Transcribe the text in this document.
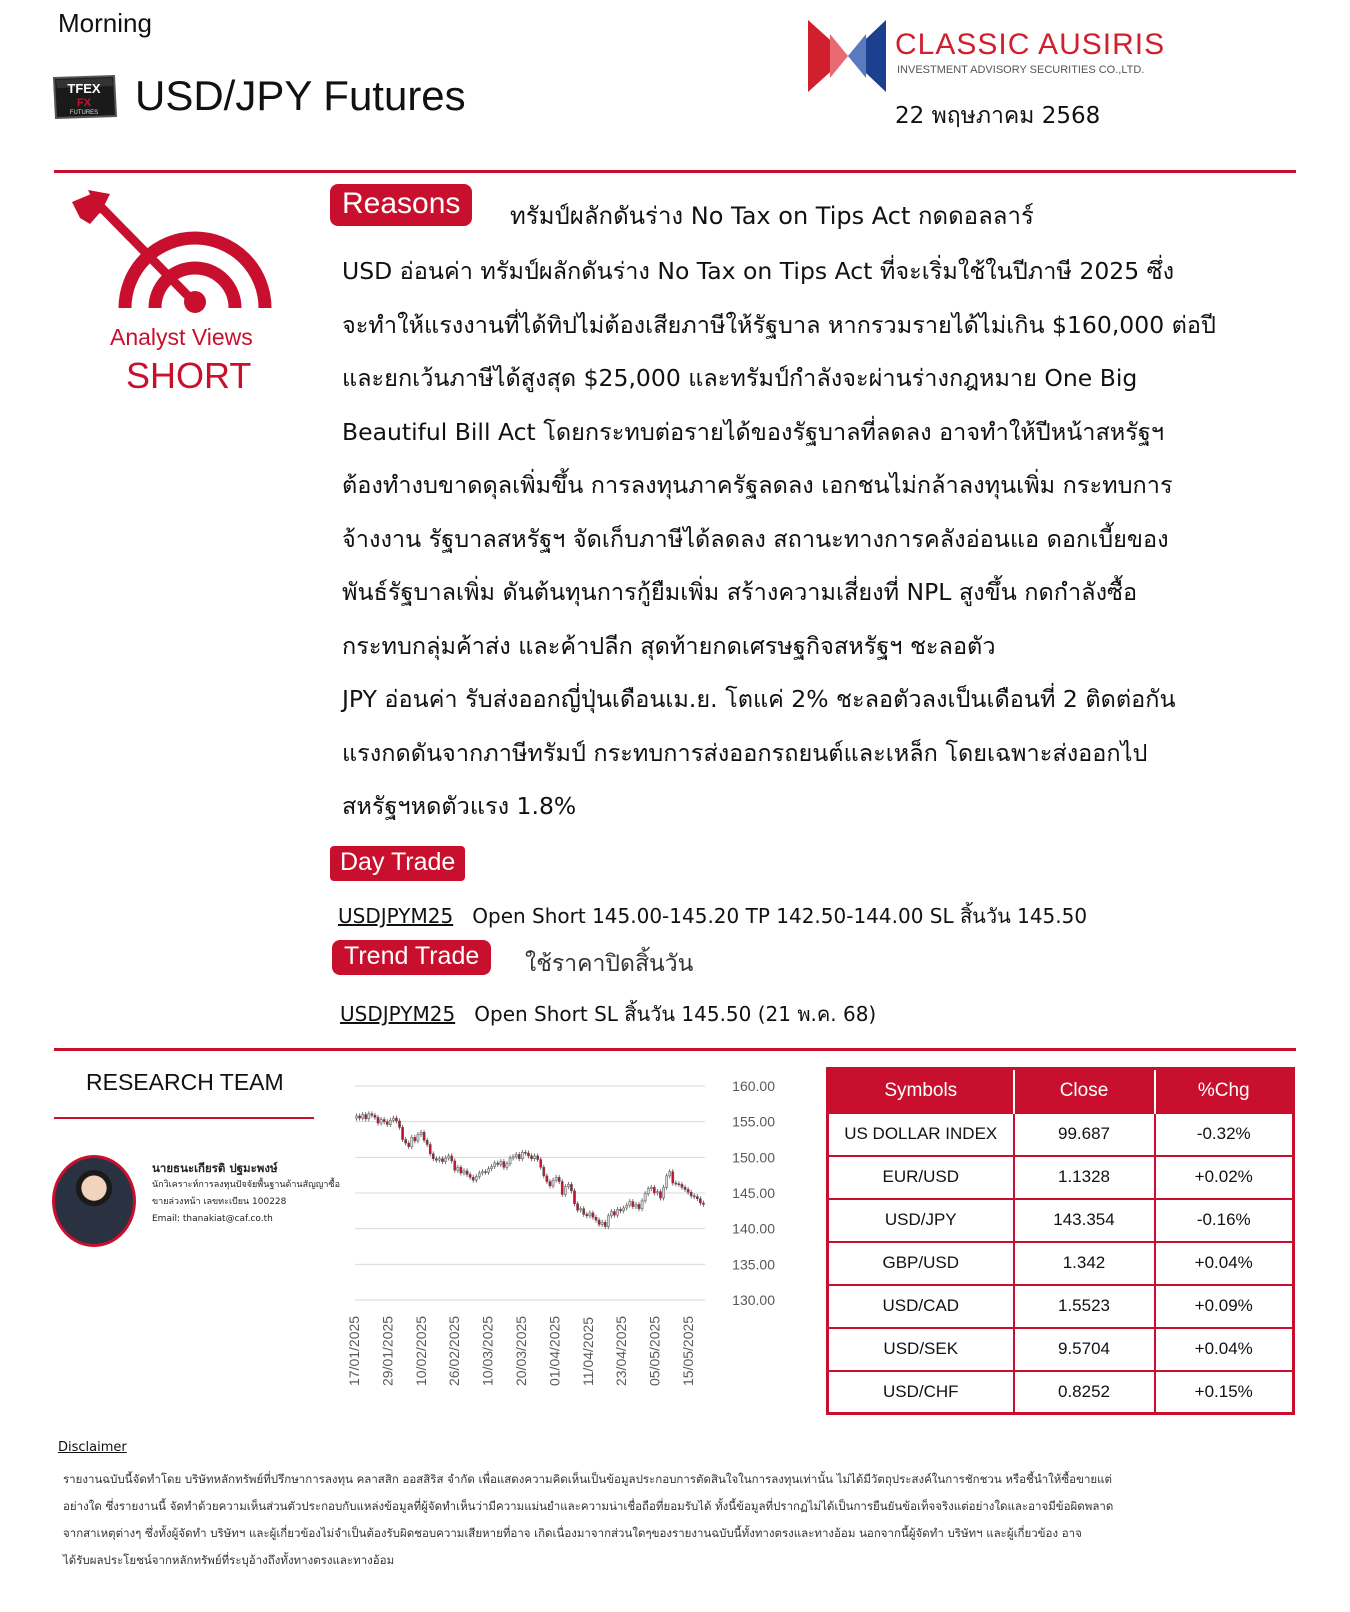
Morning
TFEX
FX
FUTURES USD/JPY Futures
CLASSIC AUSIRIS
INVESTMENT ADVISORY SECURITIES CO.,LTD.
22 พฤษภาคม 2568
Analyst Views
SHORT
Reasons	ทรัมป์ผลักดันร่าง No Tax on Tips Act กดดอลลาร์

USD อ่อนค่า ทรัมป์ผลักดันร่าง No Tax on Tips Act ที่จะเริ่มใช้ในปีภาษี 2025 ซึ่ง

จะทำให้แรงงานที่ได้ทิปไม่ต้องเสียภาษีให้รัฐบาล หากรวมรายได้ไม่เกิน $160,000 ต่อปี

และยกเว้นภาษีได้สูงสุด $25,000 และทรัมป์กำลังจะผ่านร่างกฎหมาย One Big

Beautiful Bill Act โดยกระทบต่อรายได้ของรัฐบาลที่ลดลง อาจทำให้ปีหน้าสหรัฐฯ

ต้องทำงบขาดดุลเพิ่มขึ้น การลงทุนภาครัฐลดลง เอกชนไม่กล้าลงทุนเพิ่ม กระทบการ

จ้างงาน รัฐบาลสหรัฐฯ จัดเก็บภาษีได้ลดลง สถานะทางการคลังอ่อนแอ ดอกเบี้ยของ

พันธ์รัฐบาลเพิ่ม ดันต้นทุนการกู้ยืมเพิ่ม สร้างความเสี่ยงที่ NPL สูงขึ้น กดกำลังซื้อ

กระทบกลุ่มค้าส่ง และค้าปลีก สุดท้ายกดเศรษฐกิจสหรัฐฯ ชะลอตัว

JPY อ่อนค่า รับส่งออกญี่ปุ่นเดือนเม.ย. โตแค่ 2% ชะลอตัวลงเป็นเดือนที่ 2 ติดต่อกัน

แรงกดดันจากภาษีทรัมป์ กระทบการส่งออกรถยนต์และเหล็ก โดยเฉพาะส่งออกไป

สหรัฐฯหดตัวแรง 1.8%

Day Trade
USDJPYM25 Open Short 145.00-145.20 TP 142.50-144.00 SL สิ้นวัน 145.50
Trend Trade	ใช้ราคาปิดสิ้นวัน
USDJPYM25 Open Short SL สิ้นวัน 145.50 (21 พ.ค. 68)
RESEARCH TEAM
นายธนะเกียรติ ปฐมะพงษ์
นักวิเคราะห์การลงทุนปัจจัยพื้นฐานด้านสัญญาซื้อ
ขายล่วงหน้า เลขทะเบียน 100228
Email: thanakiat@caf.co.th
160.00
155.00
150.00
145.00
140.00
135.00
130.00
17/01/2025 29/01/2025 10/02/2025 26/02/2025 10/03/2025 20/03/2025 01/04/2025 11/04/2025 23/04/2025 05/05/2025 15/05/2025
Symbols	Close	%Chg
US DOLLAR INDEX	99.687	-0.32%
EUR/USD	1.1328	+0.02%
USD/JPY	143.354	-0.16%
GBP/USD	1.342	+0.04%
USD/CAD	1.5523	+0.09%
USD/SEK	9.5704	+0.04%
USD/CHF	0.8252	+0.15%
Disclaimer

รายงานฉบับนี้จัดทำโดย บริษัทหลักทรัพย์ที่ปรึกษาการลงทุน คลาสสิก ออสสิริส จำกัด เพื่อแสดงความคิดเห็นเป็นข้อมูลประกอบการตัดสินใจในการลงทุนเท่านั้น ไม่ได้มีวัตถุประสงค์ในการชักชวน หรือชี้นำให้ซื้อขายแต่

อย่างใด ซึ่งรายงานนี้ จัดทำด้วยความเห็นส่วนตัวประกอบกับแหล่งข้อมูลที่ผู้จัดทำเห็นว่ามีความแม่นยำและความน่าเชื่อถือที่ยอมรับได้ ทั้งนี้ข้อมูลที่ปรากฏไม่ได้เป็นการยืนยันข้อเท็จจริงแต่อย่างใดและอาจมีข้อผิดพลาด

จากสาเหตุต่างๆ ซึ่งทั้งผู้จัดทำ บริษัทฯ และผู้เกี่ยวข้องไม่จำเป็นต้องรับผิดชอบความเสียหายที่อาจ เกิดเนื่องมาจากส่วนใดๆของรายงานฉบับนี้ทั้งทางตรงและทางอ้อม นอกจากนี้ผู้จัดทำ บริษัทฯ และผู้เกี่ยวข้อง อาจ

ได้รับผลประโยชน์จากหลักทรัพย์ที่ระบุอ้างถึงทั้งทางตรงและทางอ้อม
